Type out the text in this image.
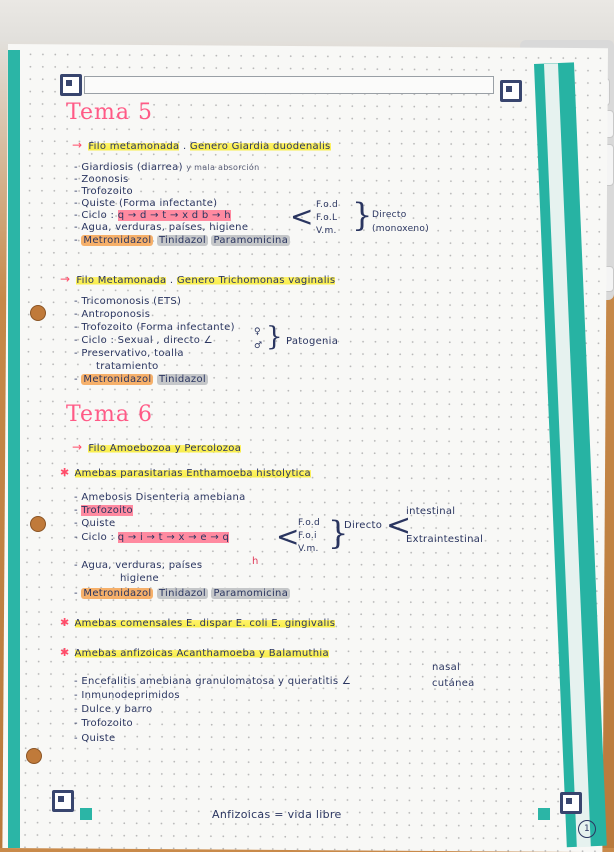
Tema 5
→ Filo metamonada . Genero Giardia duodenalis
- Giardiosis (diarrea) y mala absorción
- Zoonosis
- Trofozoito
- Quiste (Forma infectante)
- Ciclo : q → d → t → x d b → h
- Agua, verduras, países, higiene
- Metronidazol Tinidazol Paramomicina
< F.o.d
F.o.L
V.m. } Directo (monoxeno)
→ Filo Metamonada . Genero Trichomonas vaginalis
- Tricomonosis (ETS)
- Antroponosis
- Trofozoito (Forma infectante)
- Ciclo : Sexual , directo ∠
♀
♂ } Patogenia
- Preservativo, toalla
tratamiento
- Metronidazol Tinidazol
Tema 6
→ Filo Amoebozoa y Percolozoa
✱ Amebas parasitarias Enthamoeba histolytica
- Amebosis Disenteria amebiana
- Trofozoito
- Quiste
- Ciclo : q → i → t → x → e → q
h
- Agua, verduras, países
higiene
- Metronidazol Tinidazol Paramomicina
<
F.o.d
F.o.i
V.m. }
Directo <
intestinal
Extraintestinal
✱ Amebas comensales E. dispar E. coli E. gingivalis
✱ Amebas anfizoicas Acanthamoeba y Balamuthia
- Encefalitis amebiana granulomatosa y queratitis ∠
nasal
cutánea
- Inmunodeprimidos
- Dulce y barro
- Trofozoito
- Quiste
Anfizoicas = vida libre
1
